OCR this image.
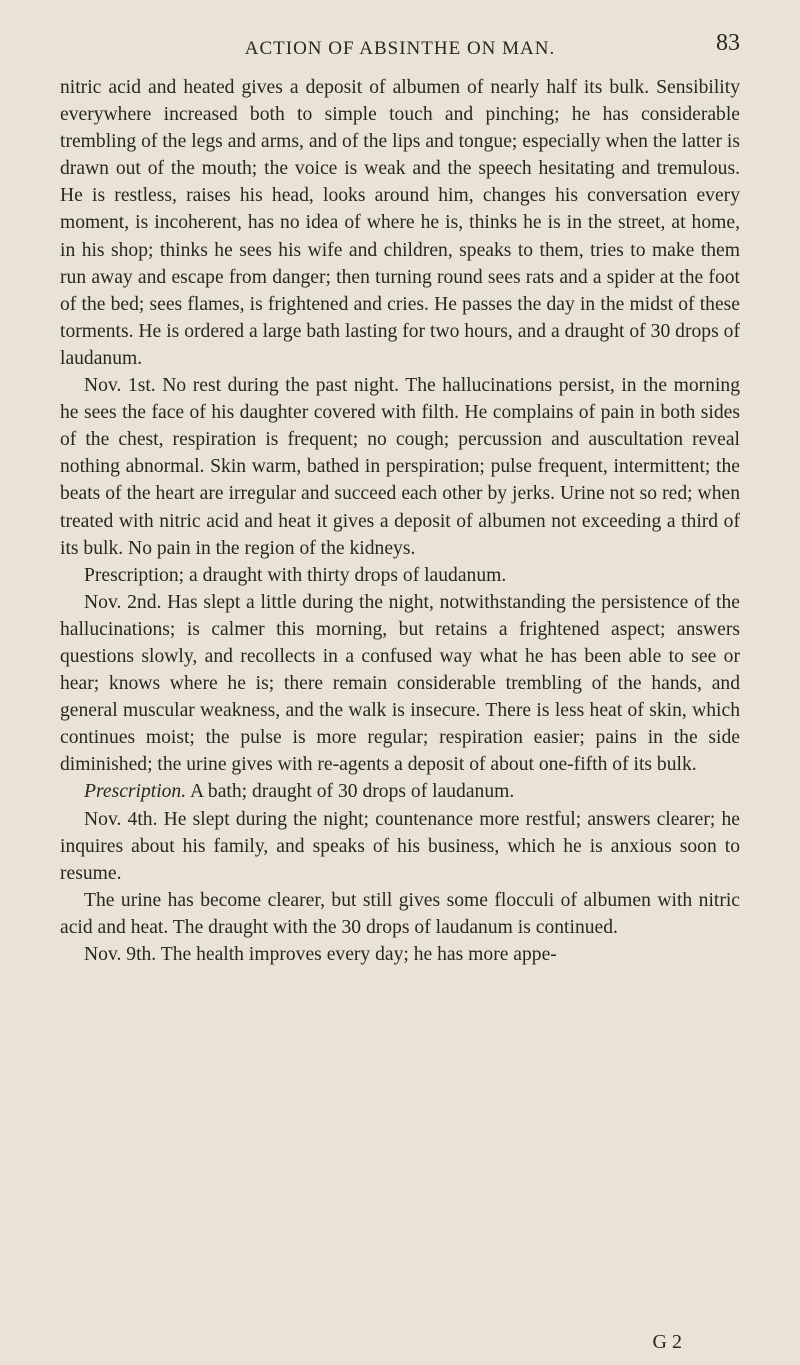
ACTION OF ABSINTHE ON MAN.	83

nitric acid and heated gives a deposit of albumen of nearly half its bulk. Sensibility everywhere increased both to simple touch and pinching; he has considerable trembling of the legs and arms, and of the lips and tongue; especially when the latter is drawn out of the mouth; the voice is weak and the speech hesitating and tremulous. He is restless, raises his head, looks around him, changes his conversation every moment, is incoherent, has no idea of where he is, thinks he is in the street, at home, in his shop; thinks he sees his wife and children, speaks to them, tries to make them run away and escape from danger; then turning round sees rats and a spider at the foot of the bed; sees flames, is frightened and cries. He passes the day in the midst of these torments. He is ordered a large bath lasting for two hours, and a draught of 30 drops of laudanum.

Nov. 1st. No rest during the past night. The hallucinations persist, in the morning he sees the face of his daughter covered with filth. He complains of pain in both sides of the chest, respiration is frequent; no cough; percussion and auscultation reveal nothing abnormal. Skin warm, bathed in perspiration; pulse frequent, intermittent; the beats of the heart are irregular and succeed each other by jerks. Urine not so red; when treated with nitric acid and heat it gives a deposit of albumen not exceeding a third of its bulk. No pain in the region of the kidneys.

Prescription; a draught with thirty drops of laudanum.

Nov. 2nd. Has slept a little during the night, notwithstanding the persistence of the hallucinations; is calmer this morning, but retains a frightened aspect; answers questions slowly, and recollects in a confused way what he has been able to see or hear; knows where he is; there remain considerable trembling of the hands, and general muscular weakness, and the walk is insecure. There is less heat of skin, which continues moist; the pulse is more regular; respiration easier; pains in the side diminished; the urine gives with re-agents a deposit of about one-fifth of its bulk.

Prescription. A bath; draught of 30 drops of laudanum.

Nov. 4th. He slept during the night; countenance more restful; answers clearer; he inquires about his family, and speaks of his business, which he is anxious soon to resume.

The urine has become clearer, but still gives some flocculi of albumen with nitric acid and heat. The draught with the 30 drops of laudanum is continued.

Nov. 9th. The health improves every day; he has more appe-

G 2
